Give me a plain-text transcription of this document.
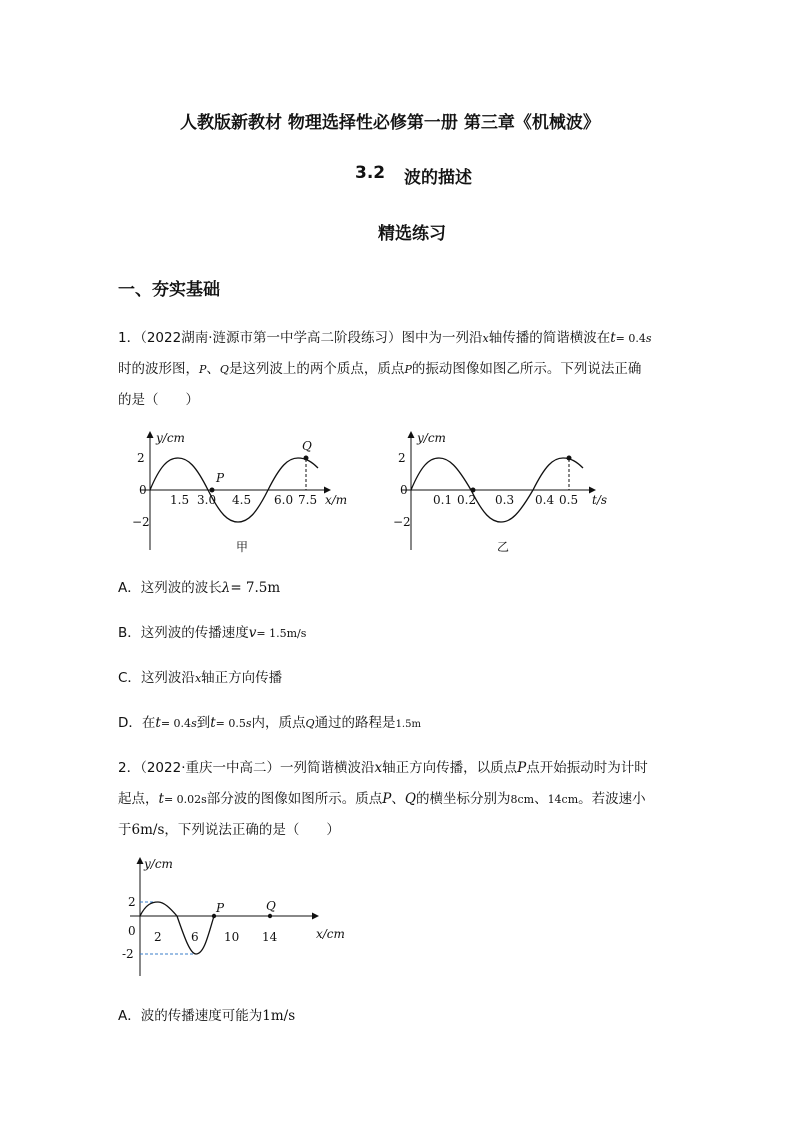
人教版新教材 物理选择性必修第一册 第三章《机械波》
3.2 波的描述
精选练习
一、夯实基础
1．（2022湖南·涟源市第一中学高二阶段练习）图中为一列沿x轴传播的简谐横波在t= 0.4s
时的波形图，P、Q是这列波上的两个质点，质点P的振动图像如图乙所示。下列说法正确
的是（　　）
y/cm
x/m
2
0
−2
1.5 3.0 4.5 6.0 7.5
P
Q
甲
y/cm
t/s
2
0
−2
0.1 0.2 0.3 0.4 0.5
乙
A．这列波的波长λ= 7.5m
B．这列波的传播速度v= 1.5m/s
C．这列波沿x轴正方向传播
D．在t= 0.4s到t= 0.5s内，质点Q通过的路程是1.5m
2．（2022·重庆一中高二）一列简谐横波沿x轴正方向传播，以质点P点开始振动时为计时
起点，t= 0.02s部分波的图像如图所示。质点P、Q的横坐标分别为8cm、14cm。若波速小
于6m/s，下列说法正确的是（　　）
y/cm
x/cm
2
0
-2
2 6 10 14
P	Q
A．波的传播速度可能为1m/s
